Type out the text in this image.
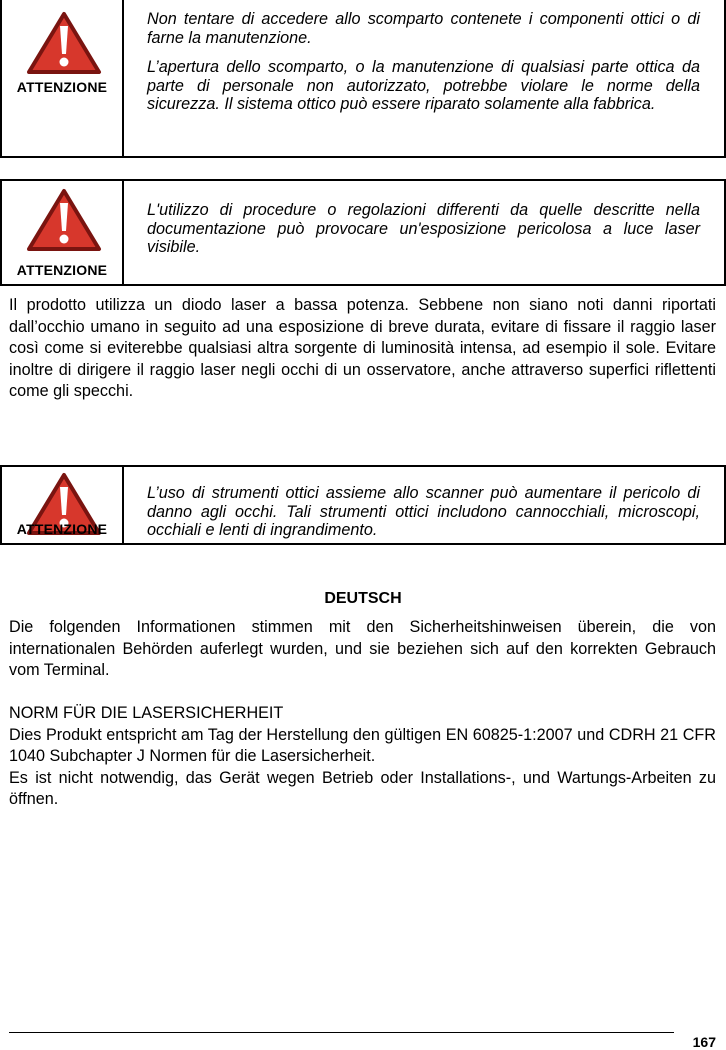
ATTENZIONE

Non tentare di accedere allo scomparto contenete i componenti ottici o di farne la manutenzione.

L’apertura dello scomparto, o la manutenzione di qualsiasi parte ottica da parte di personale non autorizzato, potrebbe violare le norme della sicurezza. Il sistema ottico può essere riparato solamente alla fabbrica.

ATTENZIONE

L'utilizzo di procedure o regolazioni differenti da quelle descritte nella documentazione può provocare un'esposizione pericolosa a luce laser visibile.

Il prodotto utilizza un diodo laser a bassa potenza. Sebbene non siano noti danni riportati dall’occhio umano in seguito ad una esposizione di breve durata, evitare di fissare il raggio laser così come si eviterebbe qualsiasi altra sorgente di luminosità intensa, ad esempio il sole. Evitare inoltre di dirigere il raggio laser negli occhi di un osservatore, anche attraverso superfici riflettenti come gli specchi.

ATTENZIONE

L’uso di strumenti ottici assieme allo scanner può aumentare il pericolo di danno agli occhi. Tali strumenti ottici includono cannocchiali, microscopi, occhiali e lenti di ingrandimento.

DEUTSCH

Die folgenden Informationen stimmen mit den Sicherheitshinweisen überein, die von internationalen Behörden auferlegt wurden, und sie beziehen sich auf den korrekten Gebrauch vom Terminal.

NORM FÜR DIE LASERSICHERHEIT

Dies Produkt entspricht am Tag der Herstellung den gültigen EN 60825-1:2007 und CDRH 21 CFR 1040 Subchapter J Normen für die Lasersicherheit.

Es ist nicht notwendig, das Gerät wegen Betrieb oder Installations-, und Wartungs-Arbeiten zu öffnen.

167
